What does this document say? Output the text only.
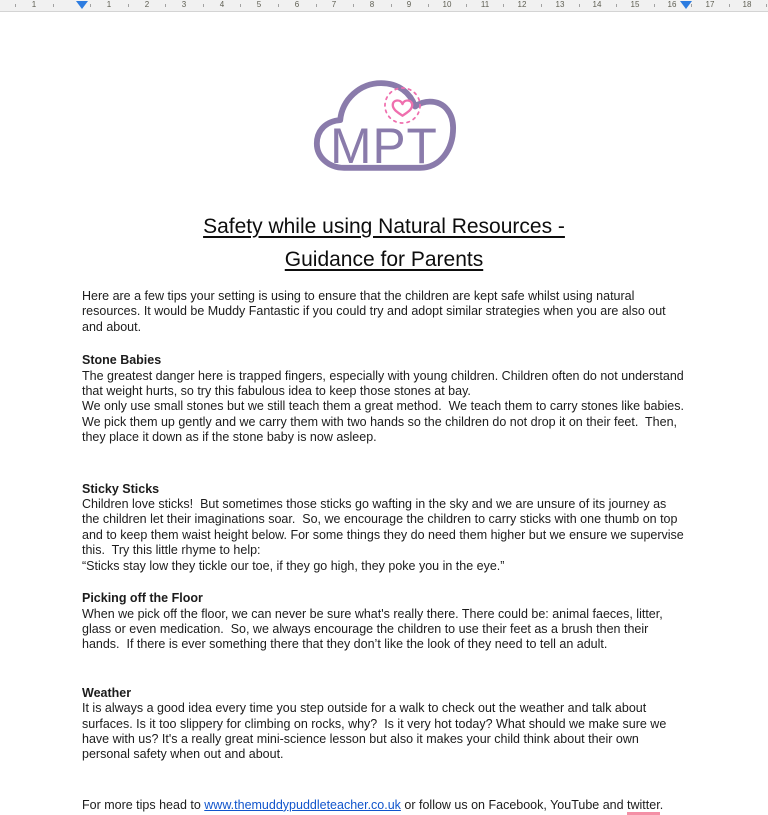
1	1	2	3	4	5	6	7	8	9	10	11	12	13	14	15	16	17	18
MPT
Safety while using Natural Resources -
Guidance for Parents

Here are a few tips your setting is using to ensure that the children are kept safe whilst using natural resources. It would be Muddy Fantastic if you could try and adopt similar strategies when you are also out and about.

Stone Babies

The greatest danger here is trapped fingers, especially with young children. Children often do not understand that weight hurts, so try this fabulous idea to keep those stones at bay.

We only use small stones but we still teach them a great method.  We teach them to carry stones like babies. We pick them up gently and we carry them with two hands so the children do not drop it on their feet.  Then, they place it down as if the stone baby is now asleep.

Sticky Sticks

Children love sticks!  But sometimes those sticks go wafting in the sky and we are unsure of its journey as the children let their imaginations soar.  So, we encourage the children to carry sticks with one thumb on top and to keep them waist height below. For some things they do need them higher but we ensure we supervise this.  Try this little rhyme to help:

“Sticks stay low they tickle our toe, if they go high, they poke you in the eye.”

Picking off the Floor

When we pick off the floor, we can never be sure what's really there. There could be: animal faeces, litter, glass or even medication.  So, we always encourage the children to use their feet as a brush then their hands.  If there is ever something there that they don’t like the look of they need to tell an adult.

Weather

It is always a good idea every time you step outside for a walk to check out the weather and talk about surfaces. Is it too slippery for climbing on rocks, why?  Is it very hot today? What should we make sure we have with us? It's a really great mini-science lesson but also it makes your child think about their own personal safety when out and about.

For more tips head to www.themuddypuddleteacher.co.uk or follow us on Facebook, YouTube and twitter.
